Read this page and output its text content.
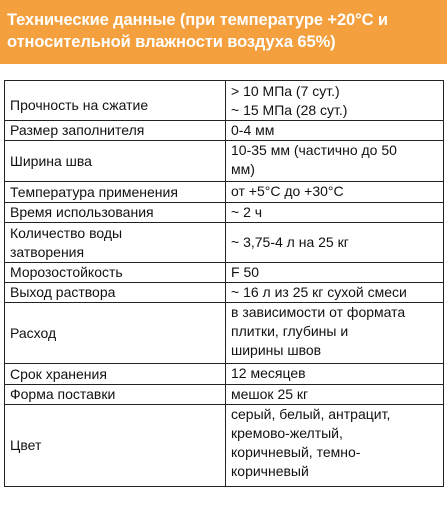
Технические данные (при температуре +20°С и
относительной влажности воздуха 65%)
Прочность на сжатие	> 10 МПа (7 сут.)
~ 15 МПа (28 сут.)

Размер заполнителя	0-4 мм

Ширина шва	10-35 мм (частично до 50
мм)

Температура применения	от +5°С до +30°С

Время использования	~ 2 ч

Количество воды
затворения	~ 3,75-4 л на 25 кг

Морозостойкость	F 50

Выход раствора	~ 16 л из 25 кг сухой смеси

Расход	в зависимости от формата
плитки, глубины и
ширины швов

Срок хранения	12 месяцев

Форма поставки	мешок 25 кг

Цвет	серый, белый, антрацит,
кремово-желтый,
коричневый, темно-
коричневый
